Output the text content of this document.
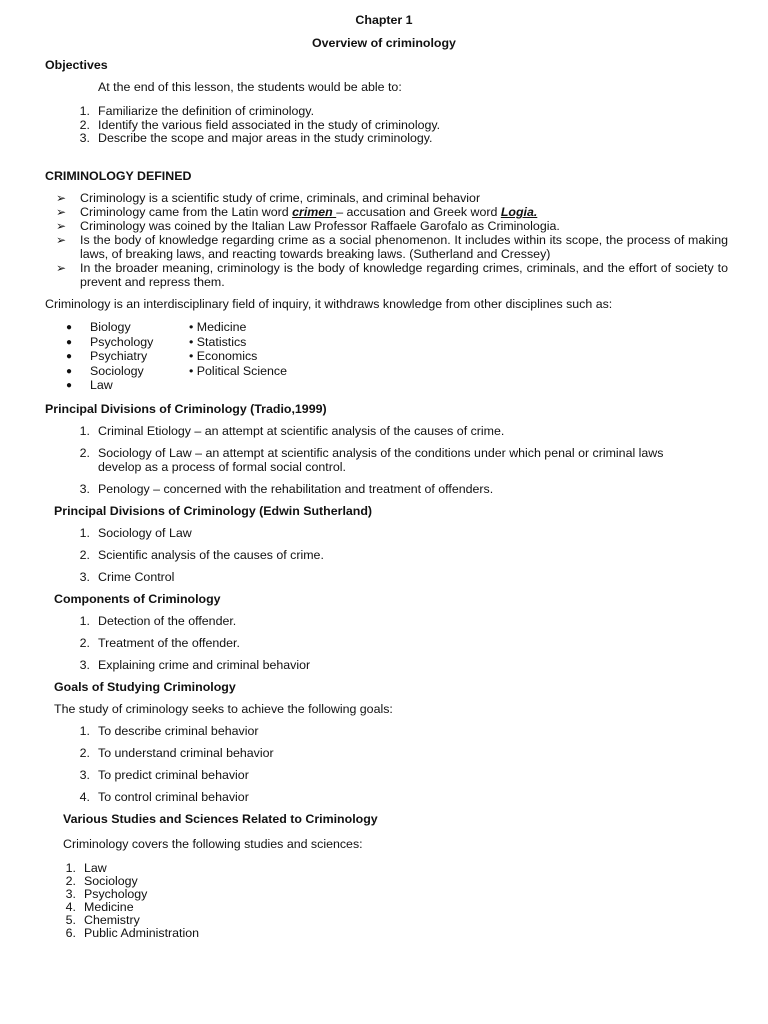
Chapter 1
Overview of criminology
Objectives
At the end of this lesson, the students would be able to:
1. Familiarize the definition of criminology.
2. Identify the various field associated in the study of criminology.
3. Describe the scope and major areas in the study criminology.
CRIMINOLOGY DEFINED
➢ Criminology is a scientific study of crime, criminals, and criminal behavior
➢ Criminology came from the Latin word crimen – accusation and Greek word Logia.
➢ Criminology was coined by the Italian Law Professor Raffaele Garofalo as Criminologia.
➢ Is the body of knowledge regarding crime as a social phenomenon. It includes within its scope, the process of making laws, of breaking laws, and reacting towards breaking laws. (Sutherland and Cressey)
➢ In the broader meaning, criminology is the body of knowledge regarding crimes, criminals, and the effort of society to prevent and repress them.
Criminology is an interdisciplinary field of inquiry, it withdraws knowledge from other disciplines such as:
● Biology	• Medicine
● Psychology	• Statistics
● Psychiatry	• Economics
● Sociology	• Political Science
● Law
Principal Divisions of Criminology (Tradio,1999)
1. Criminal Etiology – an attempt at scientific analysis of the causes of crime.
2. Sociology of Law – an attempt at scientific analysis of the conditions under which penal or criminal laws
develop as a process of formal social control.
3. Penology – concerned with the rehabilitation and treatment of offenders.
Principal Divisions of Criminology (Edwin Sutherland)
1. Sociology of Law
2. Scientific analysis of the causes of crime.
3. Crime Control
Components of Criminology
1. Detection of the offender.
2. Treatment of the offender.
3. Explaining crime and criminal behavior
Goals of Studying Criminology
The study of criminology seeks to achieve the following goals:
1. To describe criminal behavior
2. To understand criminal behavior
3. To predict criminal behavior
4. To control criminal behavior
Various Studies and Sciences Related to Criminology
Criminology covers the following studies and sciences:
1. Law
2. Sociology
3. Psychology
4. Medicine
5. Chemistry
6. Public Administration
